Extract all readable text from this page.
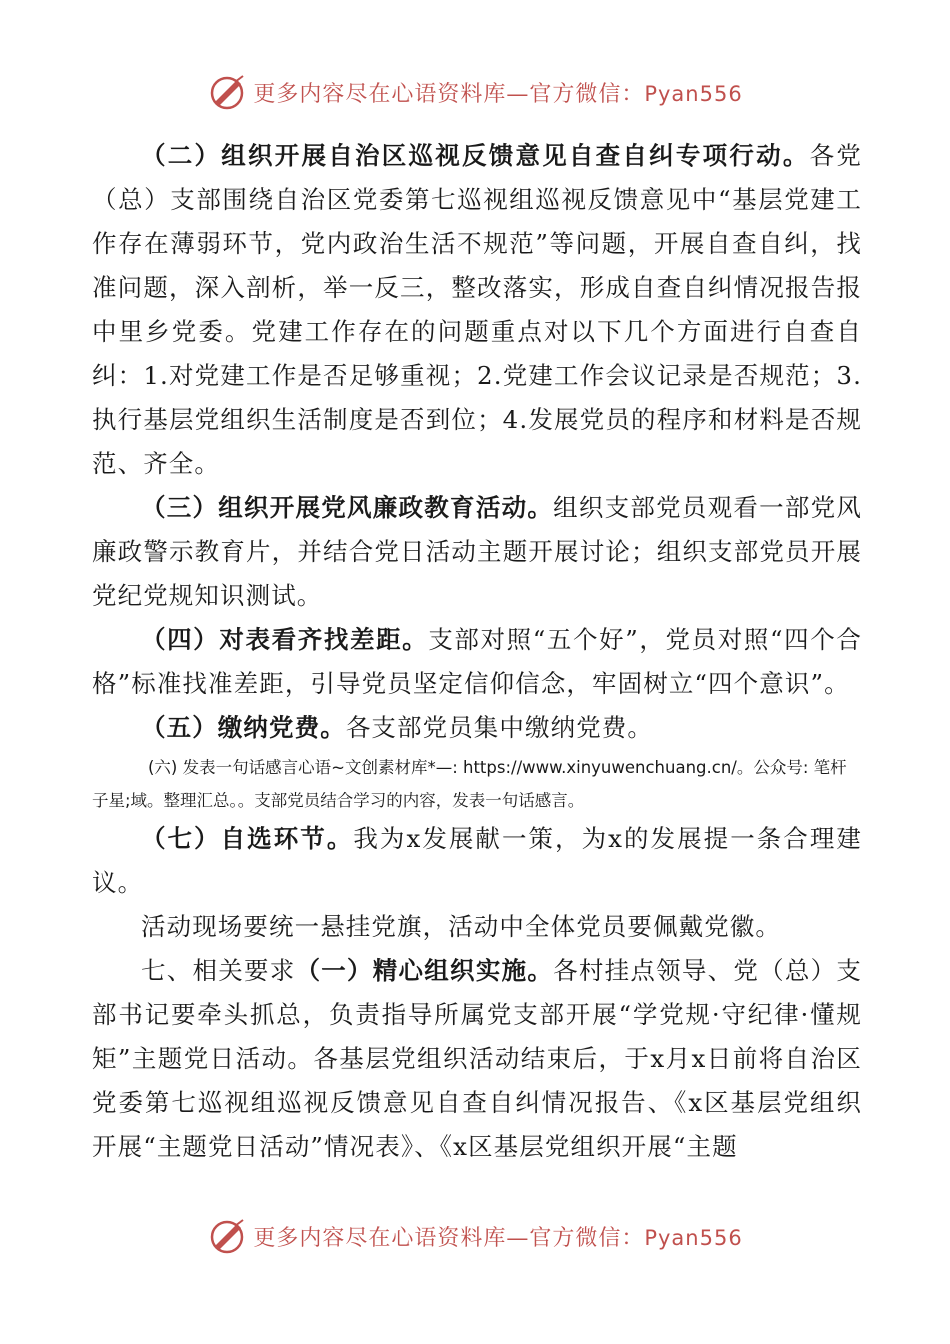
更多内容尽在心语资料库—官方微信：Pyan556

（二）组织开展自治区巡视反馈意见自查自纠专项行动。各党（总）支部围绕自治区党委第七巡视组巡视反馈意见中“基层党建工作存在薄弱环节，党内政治生活不规范”等问题，开展自查自纠，找准问题，深入剖析，举一反三，整改落实，形成自查自纠情况报告报中里乡党委。党建工作存在的问题重点对以下几个方面进行自查自纠：1.对党建工作是否足够重视；2.党建工作会议记录是否规范；3.执行基层党组织生活制度是否到位；4.发展党员的程序和材料是否规范、齐全。

（三）组织开展党风廉政教育活动。组织支部党员观看一部党风廉政警示教育片，并结合党日活动主题开展讨论；组织支部党员开展党纪党规知识测试。

（四）对表看齐找差距。支部对照“五个好”，党员对照“四个合格”标准找准差距，引导党员坚定信仰信念，牢固树立“四个意识”。

（五）缴纳党费。各支部党员集中缴纳党费。

(六) 发表一句话感言心语~文创素材库*—: https://www.xinyuwenchuang.cn/。公众号: 笔杆子星;域。整理汇总。。支部党员结合学习的内容，发表一句话感言。

（七）自选环节。我为x发展献一策，为x的发展提一条合理建议。

活动现场要统一悬挂党旗，活动中全体党员要佩戴党徽。

七、相关要求（一）精心组织实施。各村挂点领导、党（总）支部书记要牵头抓总，负责指导所属党支部开展“学党规·守纪律·懂规矩”主题党日活动。各基层党组织活动结束后，于x月x日前将自治区党委第七巡视组巡视反馈意见自查自纠情况报告、《x区基层党组织开展“主题党日活动”情况表》、《x区基层党组织开展“主题

更多内容尽在心语资料库—官方微信：Pyan556
